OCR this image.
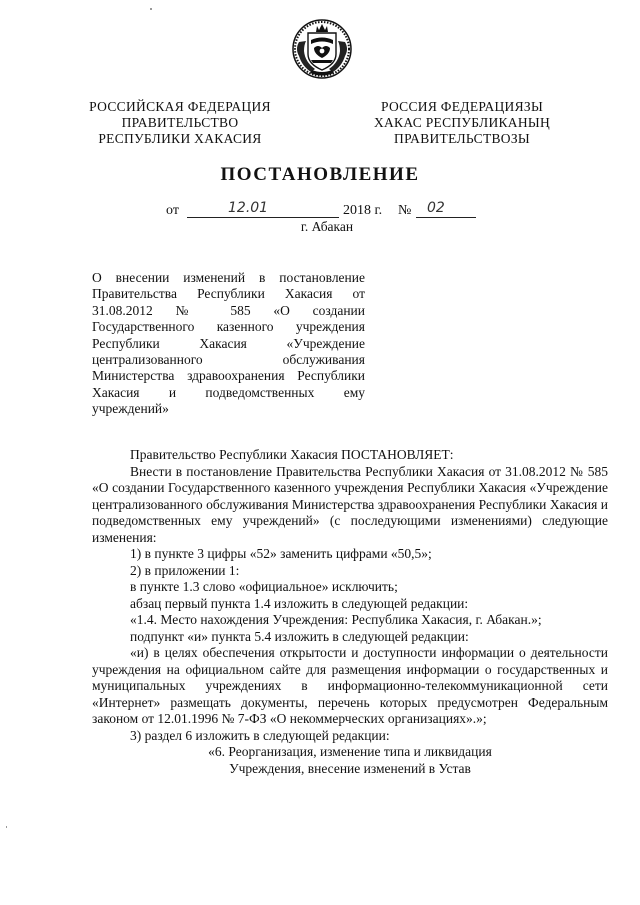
РОССИЙСКАЯ ФЕДЕРАЦИЯ
ПРАВИТЕЛЬСТВО
РЕСПУБЛИКИ ХАКАСИЯ
РОССИЯ ФЕДЕРАЦИЯЗЫ
ХАКАС РЕСПУБЛИКАНЫҢ
ПРАВИТЕЛЬСТВОЗЫ
ПОСТАНОВЛЕНИЕ
от	12.01	2018 г. № 02
г. Абакан
О внесении изменений в постановление Правительства Республики Хакасия от 31.08.2012 № 585 «О создании Государственного казенного учреждения Республики Хакасия «Учреждение централизованного обслуживания Министерства здравоохранения Республики Хакасия и подведомственных ему учреждений»

Правительство Республики Хакасия ПОСТАНОВЛЯЕТ:

Внести в постановление Правительства Республики Хакасия от 31.08.2012 № 585 «О создании Государственного казенного учреждения Республики Хакасия «Учреждение централизованного обслуживания Министерства здравоохранения Республики Хакасия и подведомственных ему учреждений» (с последующими изменениями) следующие изменения:

1) в пункте 3 цифры «52» заменить цифрами «50,5»;

2) в приложении 1:

в пункте 1.3 слово «официальное» исключить;

абзац первый пункта 1.4 изложить в следующей редакции:

«1.4. Место нахождения Учреждения: Республика Хакасия, г. Абакан.»;

подпункт «и» пункта 5.4 изложить в следующей редакции:

«и) в целях обеспечения открытости и доступности информации о деятельности учреждения на официальном сайте для размещения информации о государственных и муниципальных учреждениях в информационно-телекоммуникационной сети «Интернет» размещать документы, перечень которых предусмотрен Федеральным законом от 12.01.1996 № 7-ФЗ «О некоммерческих организациях».»;

3) раздел 6 изложить в следующей редакции:

«6. Реорганизация, изменение типа и ликвидация

Учреждения, внесение изменений в Устав
